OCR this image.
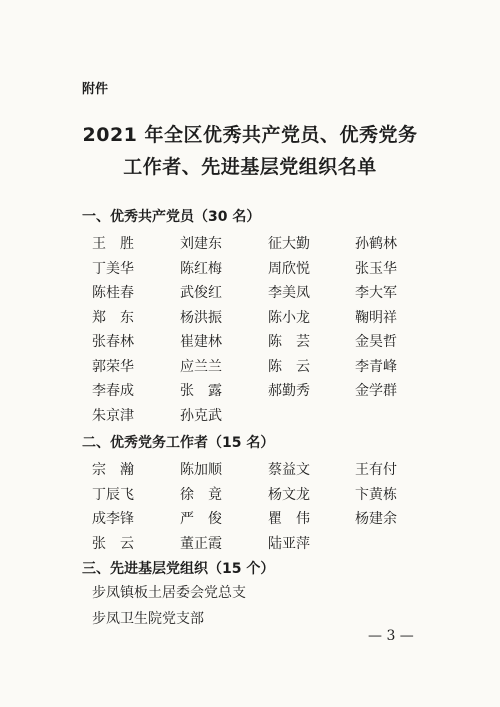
附件
2021 年全区优秀共产党员、优秀党务
工作者、先进基层党组织名单
一、优秀共产党员（30 名）
王　胜	刘建东	征大勤	孙鹤林
丁美华	陈红梅	周欣悦	张玉华
陈桂春	武俊红	李美凤	李大军
郑　东	杨洪振	陈小龙	鞠明祥
张春林	崔建林	陈　芸	金昊哲
郭荣华	应兰兰	陈　云	李青峰
李春成	张　露	郝勤秀	金学群
朱京津	孙克武
二、优秀党务工作者（15 名）
宗　瀚	陈加顺	蔡益文	王有付
丁辰飞	徐　竟	杨文龙	卞黄栋
成李锋	严　俊	瞿　伟	杨建余
张　云	董正霞	陆亚萍
三、先进基层党组织（15 个）
步凤镇板土居委会党总支
步凤卫生院党支部
— 3 —
